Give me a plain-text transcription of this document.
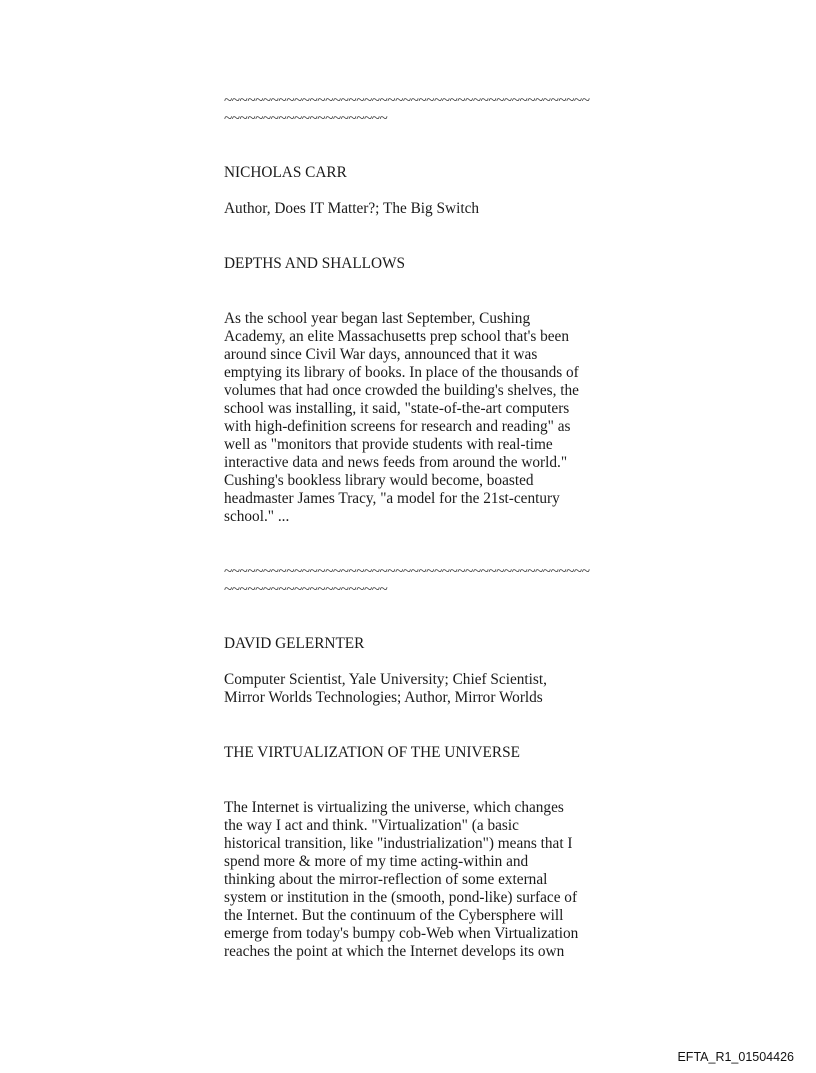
~~~~~~~~~~~~~~~~~~~~~~~~~~~~~~~~~~~~~~~~~~~~~~~
~~~~~~~~~~~~~~~~~~~~~
NICHOLAS CARR
Author, Does IT Matter?; The Big Switch
DEPTHS AND SHALLOWS
As the school year began last September, Cushing
Academy, an elite Massachusetts prep school that's been
around since Civil War days, announced that it was
emptying its library of books. In place of the thousands of
volumes that had once crowded the building's shelves, the
school was installing, it said, "state-of-the-art computers
with high-definition screens for research and reading" as
well as "monitors that provide students with real-time
interactive data and news feeds from around the world."
Cushing's bookless library would become, boasted
headmaster James Tracy, "a model for the 21st-century
school." ...
~~~~~~~~~~~~~~~~~~~~~~~~~~~~~~~~~~~~~~~~~~~~~~~
~~~~~~~~~~~~~~~~~~~~~
DAVID GELERNTER
Computer Scientist, Yale University; Chief Scientist,
Mirror Worlds Technologies; Author, Mirror Worlds
THE VIRTUALIZATION OF THE UNIVERSE
The Internet is virtualizing the universe, which changes
the way I act and think. "Virtualization" (a basic
historical transition, like "industrialization") means that I
spend more & more of my time acting-within and
thinking about the mirror-reflection of some external
system or institution in the (smooth, pond-like) surface of
the Internet. But the continuum of the Cybersphere will
emerge from today's bumpy cob-Web when Virtualization
reaches the point at which the Internet develops its own
EFTA_R1_01504426
